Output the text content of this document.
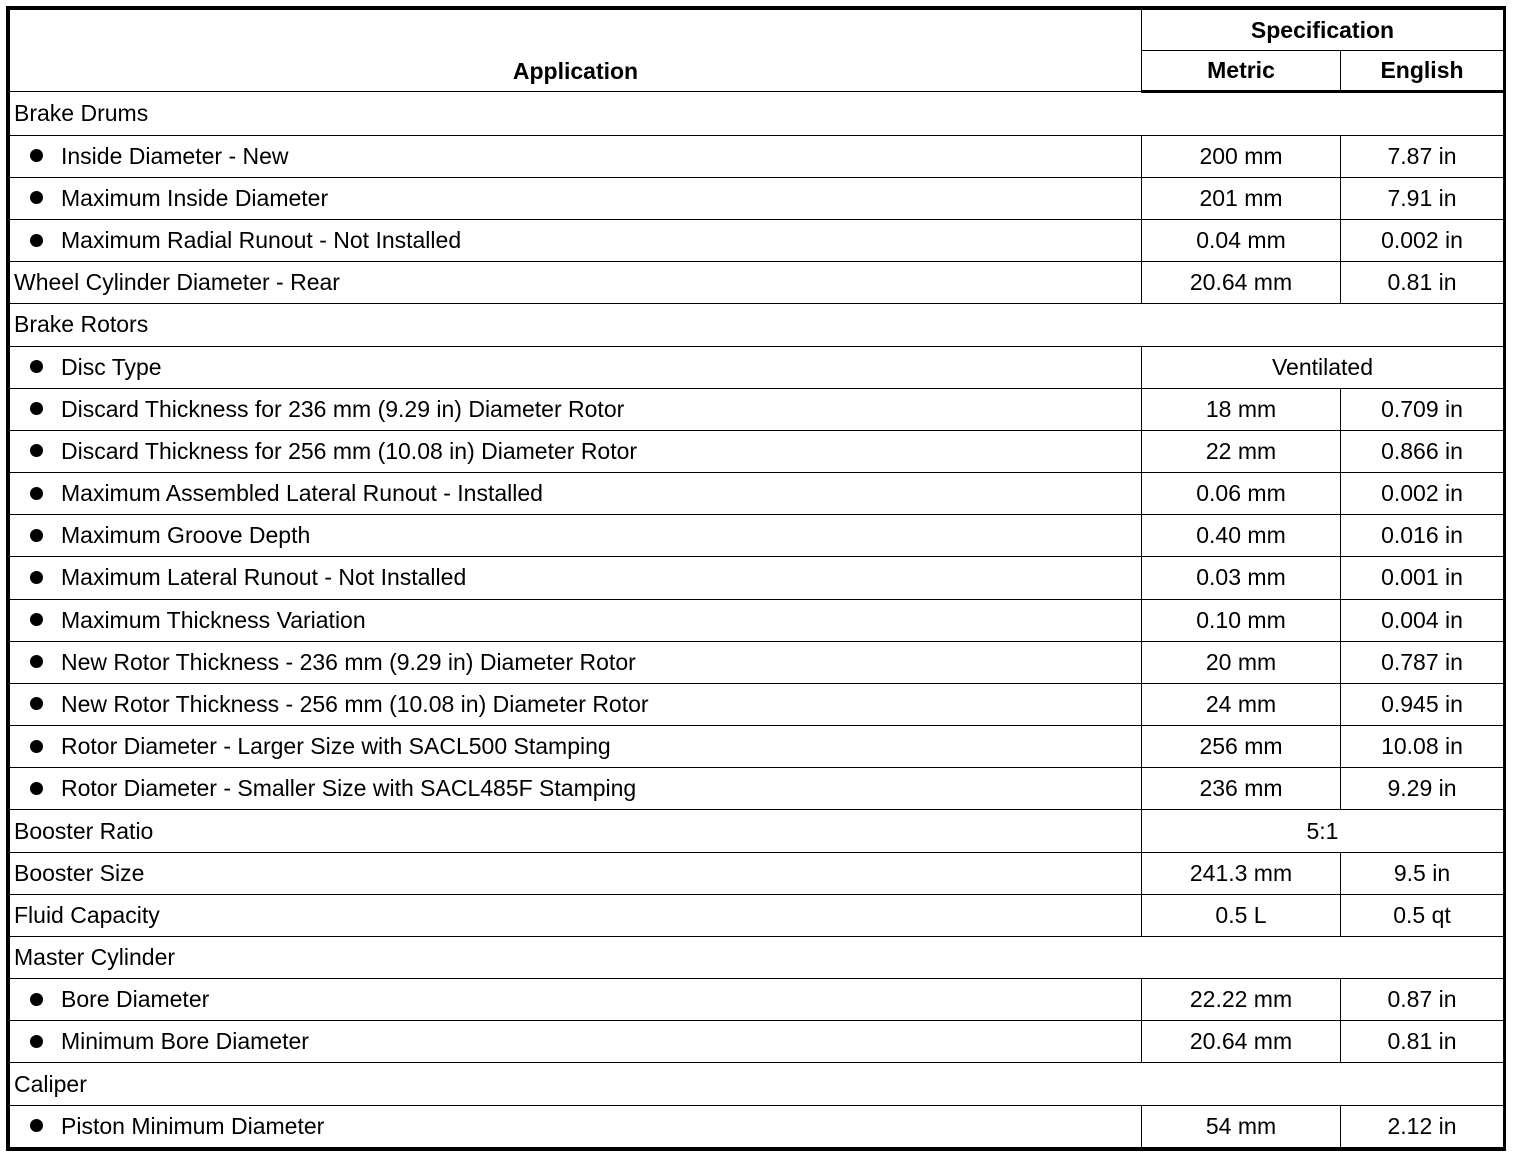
Application	Specification	
	Metric	English
Brake Drums		
Inside Diameter - New	200 mm	7.87 in
Maximum Inside Diameter	201 mm	7.91 in
Maximum Radial Runout - Not Installed	0.04 mm	0.002 in
Wheel Cylinder Diameter - Rear	20.64 mm	0.81 in
Brake Rotors		
Disc Type	Ventilated	
Discard Thickness for 236 mm (9.29 in) Diameter Rotor	18 mm	0.709 in
Discard Thickness for 256 mm (10.08 in) Diameter Rotor	22 mm	0.866 in
Maximum Assembled Lateral Runout - Installed	0.06 mm	0.002 in
Maximum Groove Depth	0.40 mm	0.016 in
Maximum Lateral Runout - Not Installed	0.03 mm	0.001 in
Maximum Thickness Variation	0.10 mm	0.004 in
New Rotor Thickness - 236 mm (9.29 in) Diameter Rotor	20 mm	0.787 in
New Rotor Thickness - 256 mm (10.08 in) Diameter Rotor	24 mm	0.945 in
Rotor Diameter - Larger Size with SACL500 Stamping	256 mm	10.08 in
Rotor Diameter - Smaller Size with SACL485F Stamping	236 mm	9.29 in
Booster Ratio	5:1	
Booster Size	241.3 mm	9.5 in
Fluid Capacity	0.5 L	0.5 qt
Master Cylinder		
Bore Diameter	22.22 mm	0.87 in
Minimum Bore Diameter	20.64 mm	0.81 in
Caliper		
Piston Minimum Diameter	54 mm	2.12 in
